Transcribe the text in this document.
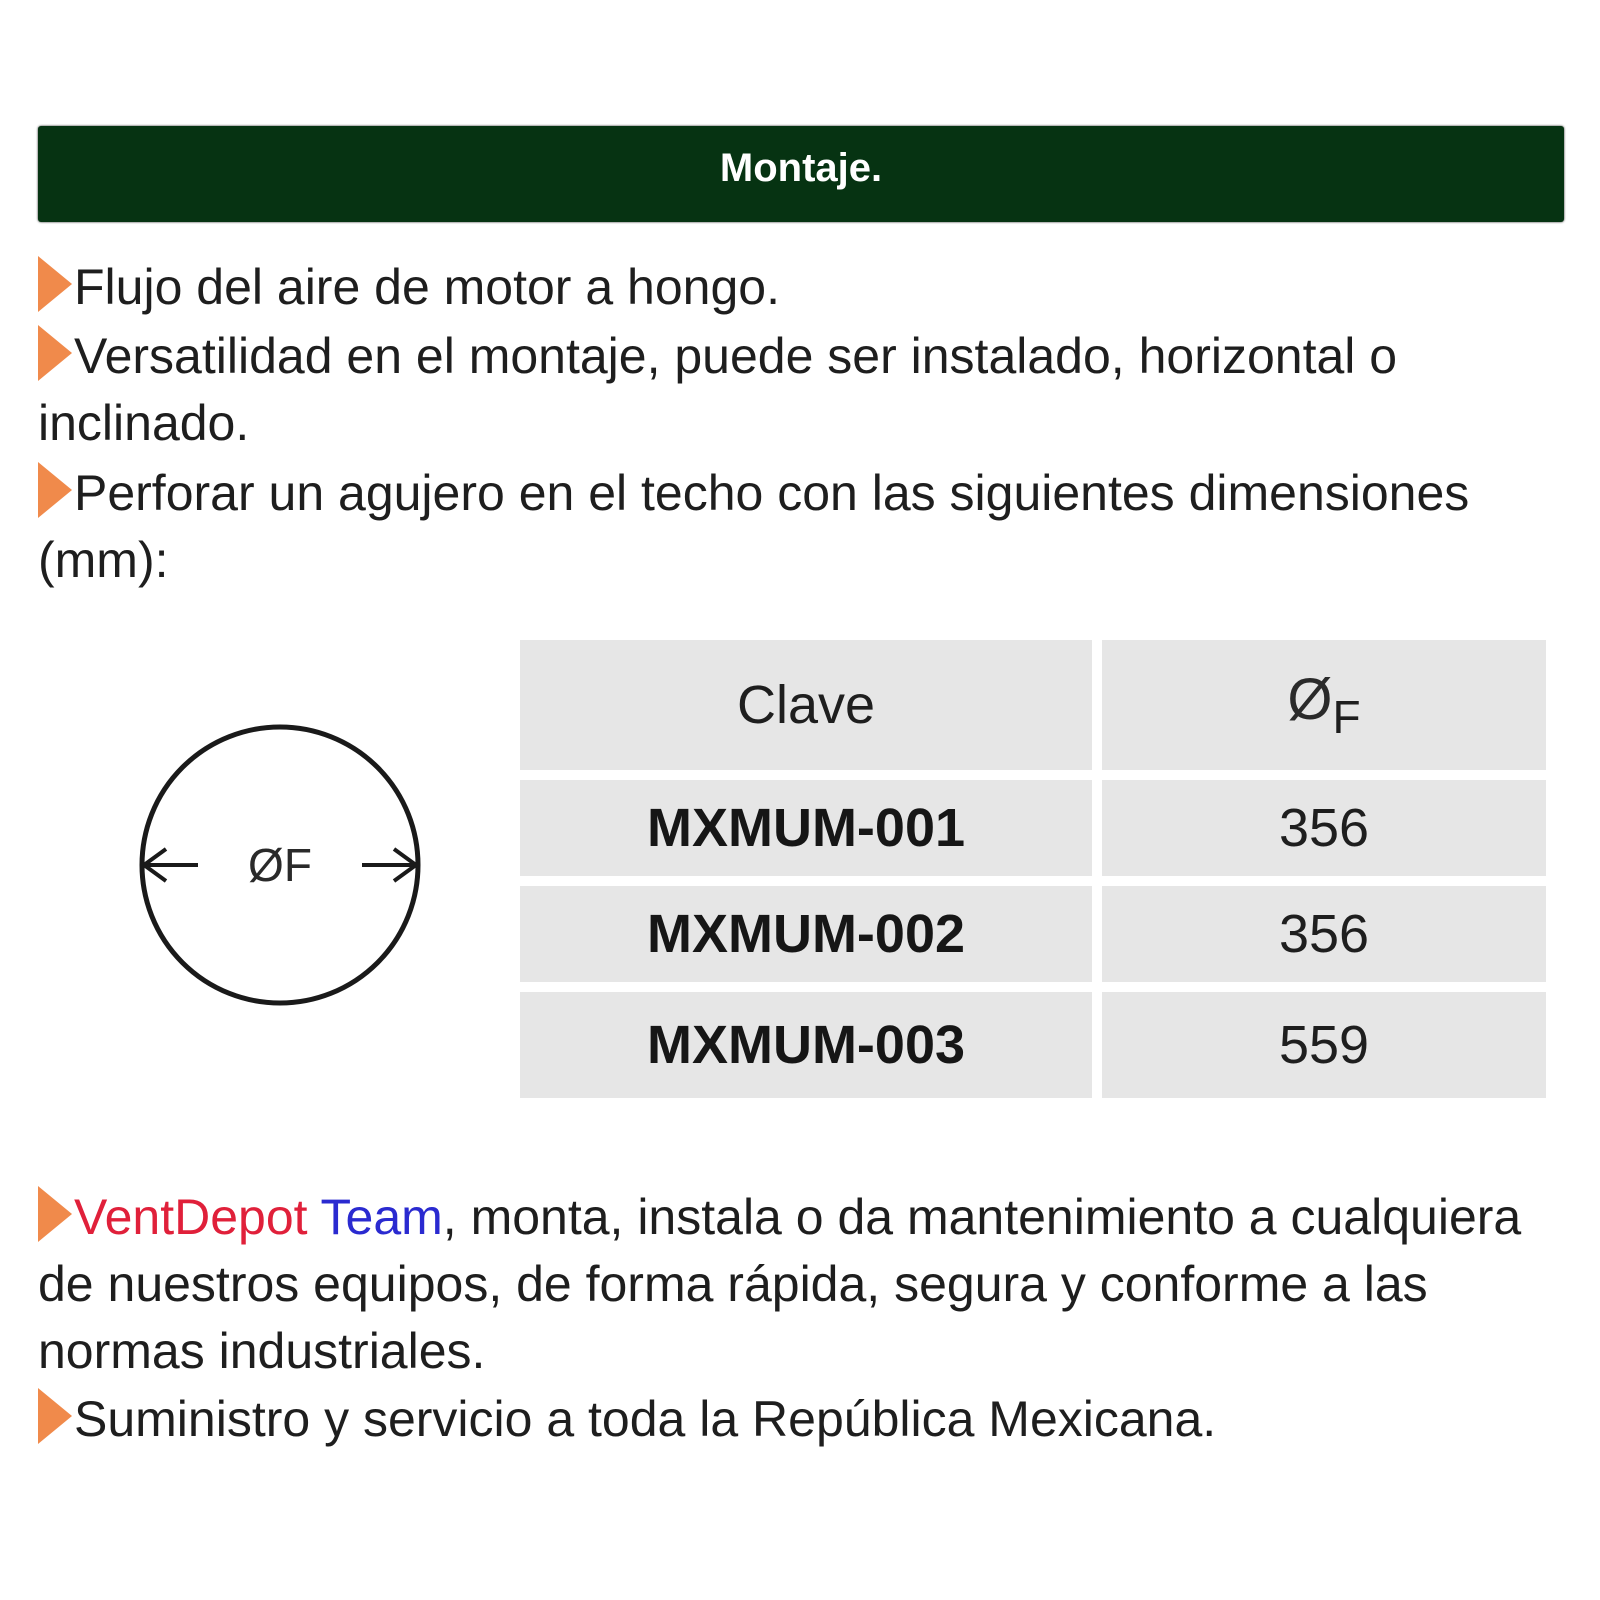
Montaje.
Flujo del aire de motor a hongo.
Versatilidad en el montaje, puede ser instalado, horizontal o inclinado.
Perforar un agujero en el techo con las siguientes dimensiones (mm):
ØF
Clave	ØF
MXMUM-001	356
MXMUM-002	356
MXMUM-003	559
VentDepot Team, monta, instala o da mantenimiento a cualquiera de nuestros equipos, de forma rápida, segura y conforme a las normas industriales.
Suministro y servicio a toda la República Mexicana.
